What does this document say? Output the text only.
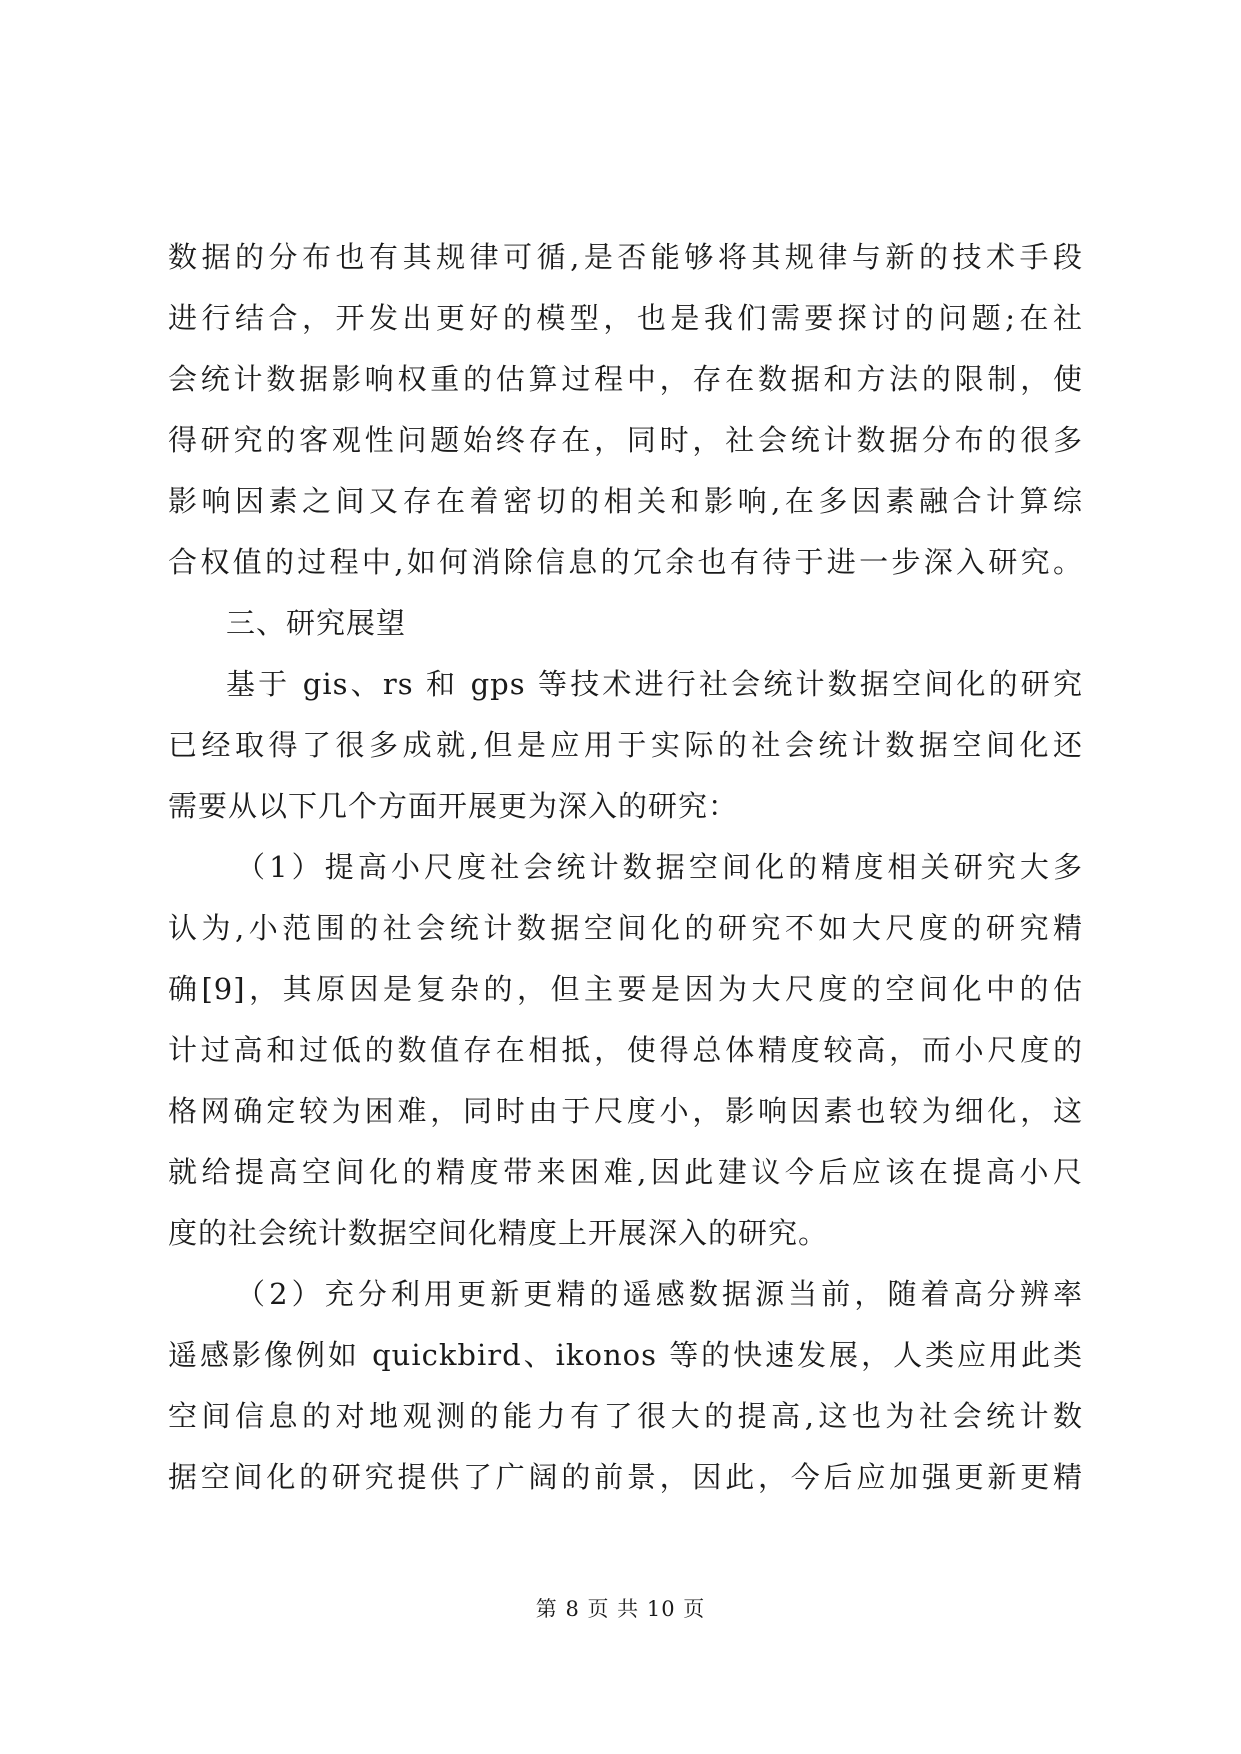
数据的分布也有其规律可循,是否能够将其规律与新的技术手段
进行结合，开发出更好的模型，也是我们需要探讨的问题;在社
会统计数据影响权重的估算过程中，存在数据和方法的限制，使
得研究的客观性问题始终存在，同时，社会统计数据分布的很多
影响因素之间又存在着密切的相关和影响,在多因素融合计算综
合权值的过程中,如何消除信息的冗余也有待于进一步深入研究。
三、研究展望
基于 gis、rs 和 gps 等技术进行社会统计数据空间化的研究
已经取得了很多成就,但是应用于实际的社会统计数据空间化还
需要从以下几个方面开展更为深入的研究：
（1）提高小尺度社会统计数据空间化的精度相关研究大多
认为,小范围的社会统计数据空间化的研究不如大尺度的研究精
确[9]，其原因是复杂的，但主要是因为大尺度的空间化中的估
计过高和过低的数值存在相抵，使得总体精度较高，而小尺度的
格网确定较为困难，同时由于尺度小，影响因素也较为细化，这
就给提高空间化的精度带来困难,因此建议今后应该在提高小尺
度的社会统计数据空间化精度上开展深入的研究。
（2）充分利用更新更精的遥感数据源当前，随着高分辨率
遥感影像例如 quickbird、ikonos 等的快速发展，人类应用此类
空间信息的对地观测的能力有了很大的提高,这也为社会统计数
据空间化的研究提供了广阔的前景，因此，今后应加强更新更精
第 8 页 共 10 页
